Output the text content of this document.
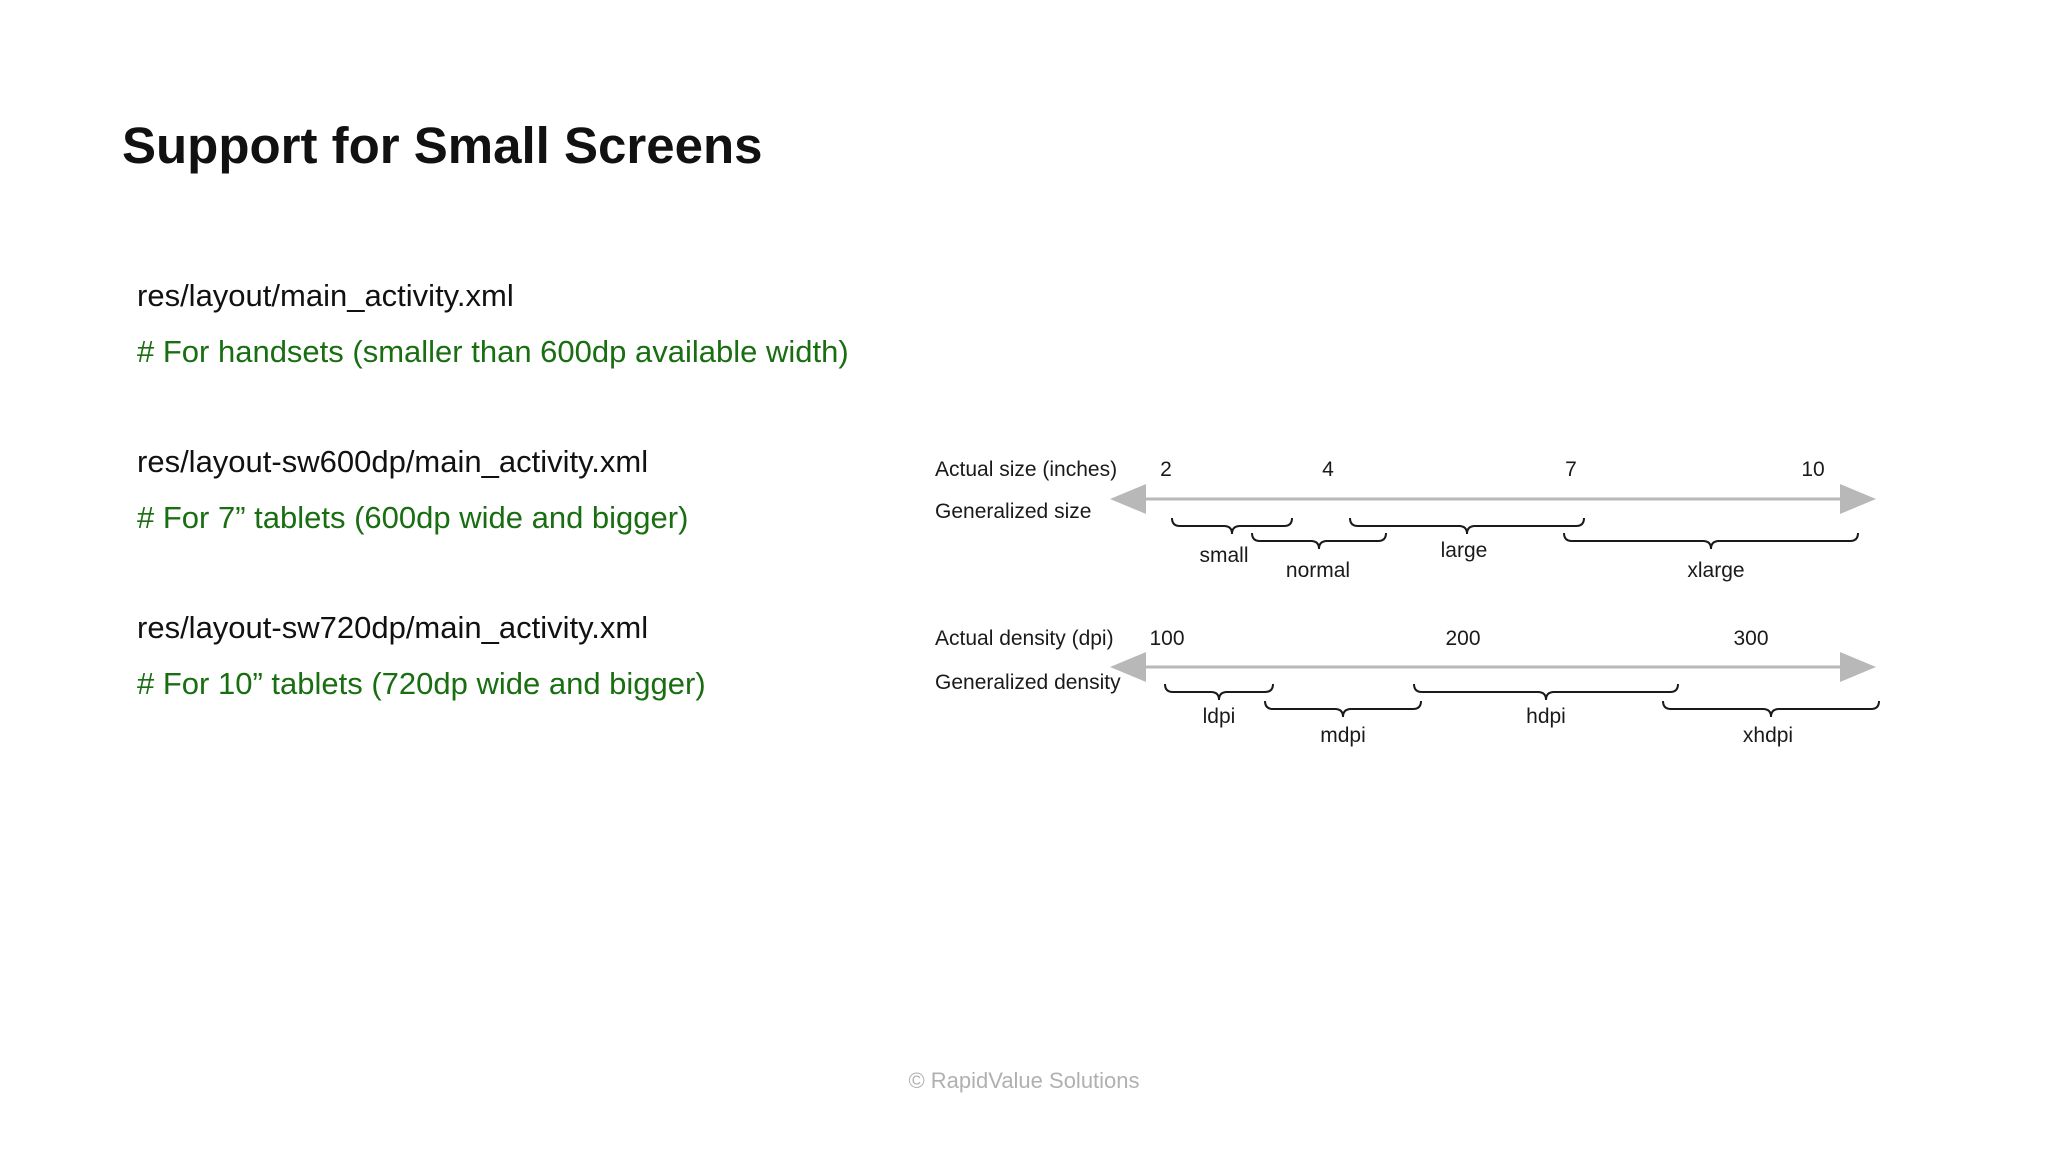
Support for Small Screens
res/layout/main_activity.xml
# For handsets (smaller than 600dp available width)
res/layout-sw600dp/main_activity.xml
# For 7” tablets (600dp wide and bigger)
res/layout-sw720dp/main_activity.xml
# For 10” tablets (720dp wide and bigger)
Actual size (inches)
Generalized size
2	4	7	10
small
normal
large
xlarge
Actual density (dpi)
Generalized density
100	200	300
ldpi
mdpi
hdpi
xhdpi
© RapidValue Solutions
